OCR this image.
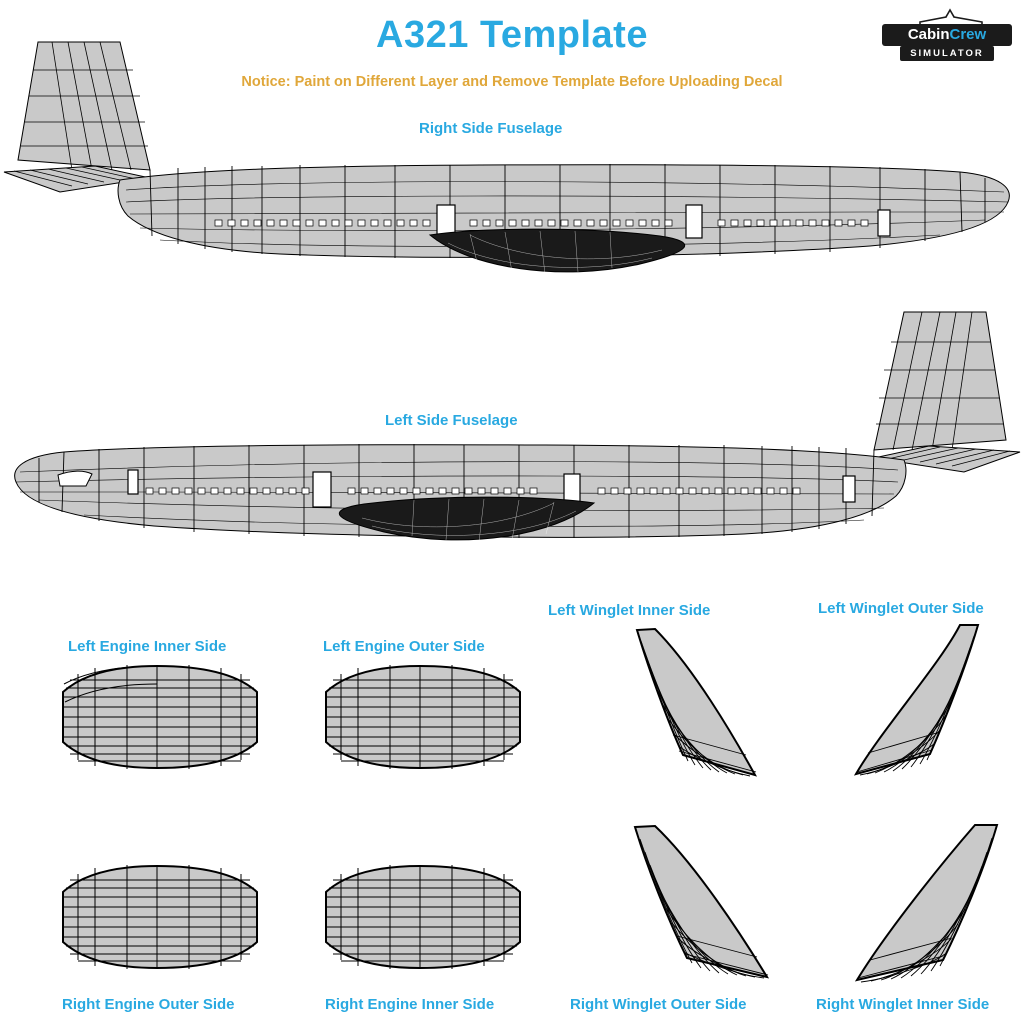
A321 Template
Notice: Paint on Different Layer and Remove Template Before Uploading Decal
CabinCrew
SIMULATOR
Right Side Fuselage
Left Side Fuselage
Left Engine Inner Side	Left Engine Outer Side
Right Engine Outer Side	Right Engine Inner Side
Left Winglet Inner Side	Left Winglet Outer Side
Right Winglet Outer Side	Right Winglet Inner Side
